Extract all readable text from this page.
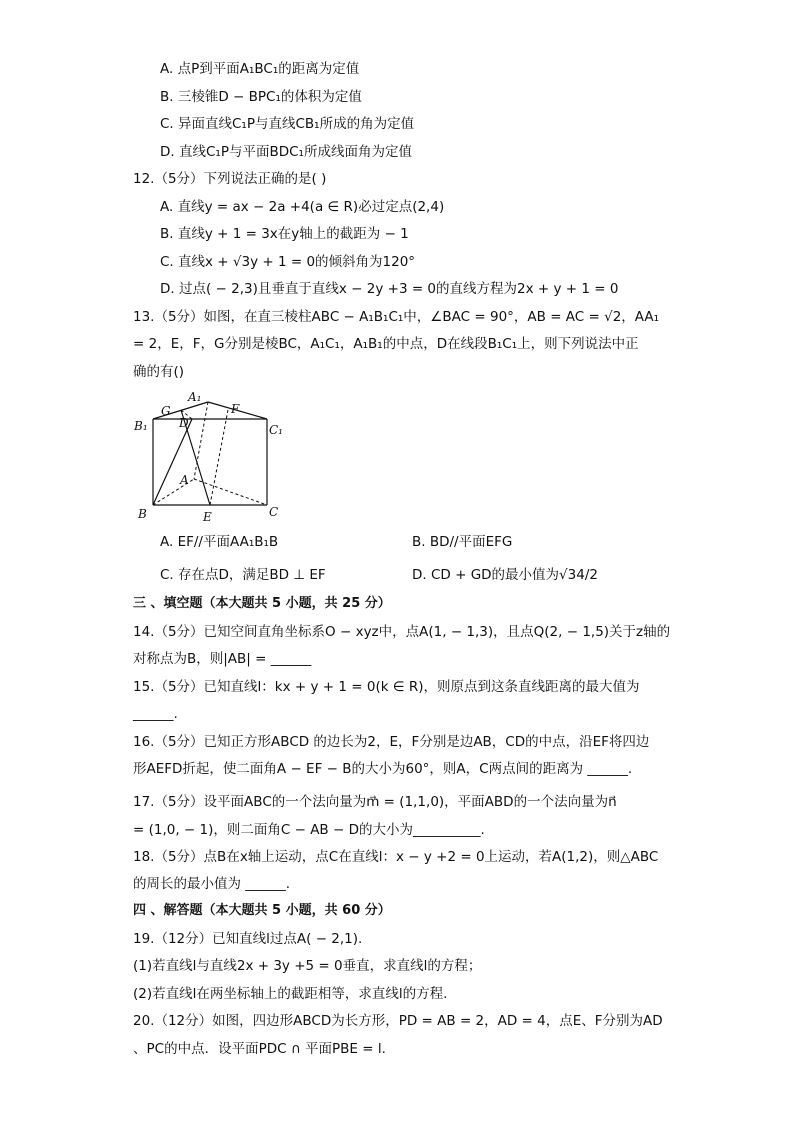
A. 点P到平面A₁BC₁的距离为定值
B. 三棱锥D − BPC₁的体积为定值
C. 异面直线C₁P与直线CB₁所成的角为定值
D. 直线C₁P与平面BDC₁所成线面角为定值
12.（5分）下列说法正确的是( )
A. 直线y = ax − 2a +4(a ∈ R)必过定点(2,4)
B. 直线y + 1 = 3x在y轴上的截距为 − 1
C. 直线x + √3y + 1 = 0的倾斜角为120°
D. 过点( − 2,3)且垂直于直线x − 2y +3 = 0的直线方程为2x + y + 1 = 0
13.（5分）如图，在直三棱柱ABC − A₁B₁C₁中，∠BAC = 90°，AB = AC = √2，AA₁
= 2，E，F，G分别是棱BC，A₁C₁，A₁B₁的中点，D在线段B₁C₁上，则下列说法中正
确的有()
A₁
G	F
D
B₁	C₁
A
B	E	C
A. EF//平面AA₁B₁B	B. BD//平面EFG
C. 存在点D，满足BD ⊥ EF	D. CD + GD的最小值为√34/2
三 、填空题（本大题共 5 小题，共 25 分）
14.（5分）已知空间直角坐标系O − xyz中，点A(1, − 1,3)，且点Q(2, − 1,5)关于z轴的
对称点为B，则|AB| = ______
15.（5分）已知直线l：kx + y + 1 = 0(k ∈ R)，则原点到这条直线距离的最大值为
______.
16.（5分）已知正方形ABCD 的边长为2，E，F分别是边AB，CD的中点，沿EF将四边
形AEFD折起，使二面角A − EF − B的大小为60°，则A，C两点间的距离为 ______.
17.（5分）设平面ABC的一个法向量为m⃗ = (1,1,0)，平面ABD的一个法向量为n⃗
= (1,0, − 1)，则二面角C − AB − D的大小为__________.
18.（5分）点B在x轴上运动，点C在直线l：x − y +2 = 0上运动，若A(1,2)，则△ABC
的周长的最小值为 ______.
四 、解答题（本大题共 5 小题，共 60 分）
19.（12分）已知直线l过点A( − 2,1).
(1)若直线l与直线2x + 3y +5 = 0垂直，求直线l的方程；
(2)若直线l在两坐标轴上的截距相等，求直线l的方程.
20.（12分）如图，四边形ABCD为长方形，PD = AB = 2，AD = 4，点E、F分别为AD
、PC的中点．设平面PDC ∩ 平面PBE = l.
